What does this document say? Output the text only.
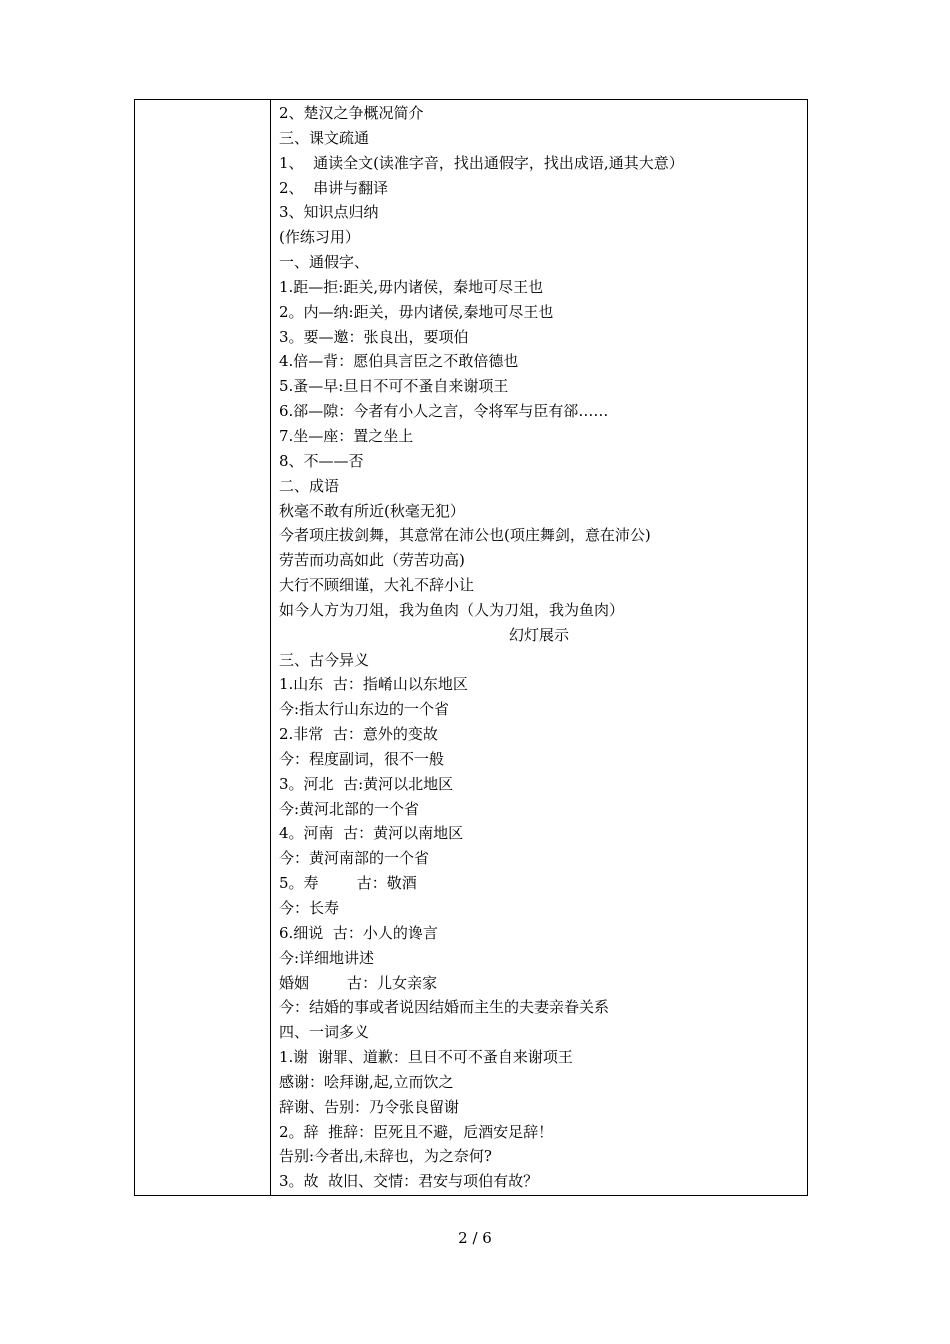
2、楚汉之争概况简介
三、课文疏通
1、  通读全文(读准字音，找出通假字，找出成语,通其大意）
2、  串讲与翻译
3、知识点归纳
(作练习用）
一、通假字、
1.距—拒:距关,毋内诸侯，秦地可尽王也
2。内—纳:距关，毋内诸侯,秦地可尽王也
3。要—邀：张良出，要项伯
4.倍—背：愿伯具言臣之不敢倍德也
5.蚤—早:旦日不可不蚤自来谢项王
6.郤—隙：今者有小人之言，令将军与臣有郤……
7.坐—座：置之坐上
8、不——否
二、成语
秋毫不敢有所近(秋毫无犯）
今者项庄拔剑舞，其意常在沛公也(项庄舞剑，意在沛公)
劳苦而功高如此（劳苦功高)
大行不顾细谨，大礼不辞小让
如今人方为刀俎，我为鱼肉（人为刀俎，我为鱼肉）
幻灯展示
三、古今异义
1.山东  古：指崤山以东地区
今:指太行山东边的一个省
2.非常  古：意外的变故
今：程度副词，很不一般
3。河北  古:黄河以北地区
今:黄河北部的一个省
4。河南  古：黄河以南地区
今：黄河南部的一个省
5。寿        古：敬酒
今：长寿
6.细说  古：小人的谗言
今:详细地讲述
婚姻        古：儿女亲家
今：结婚的事或者说因结婚而主生的夫妻亲眷关系
四、一词多义
1.谢  谢罪、道歉：旦日不可不蚤自来谢项王
感谢：哙拜谢,起,立而饮之
辞谢、告别：乃令张良留谢
2。辞  推辞：臣死且不避，卮酒安足辞！
告别:今者出,未辞也，为之奈何?
3。故  故旧、交情：君安与项伯有故？
2 / 6
